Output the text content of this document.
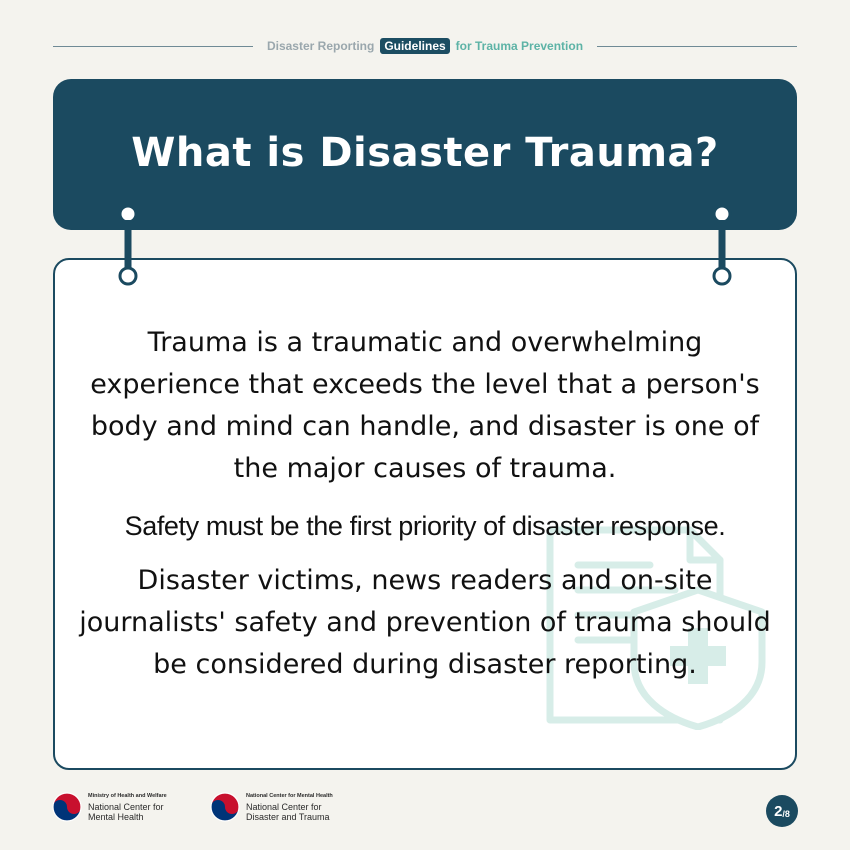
Disaster Reporting Guidelines for Trauma Prevention
What is Disaster Trauma?

Trauma is a traumatic and overwhelming
experience that exceeds the level that a person's
body and mind can handle, and disaster is one of
the major causes of trauma.

Safety must be the first priority of disaster response.

Disaster victims, news readers and on-site
journalists' safety and prevention of trauma should
be considered during disaster reporting.

Ministry of Health and Welfare
National Center for
Mental Health
National Center for Mental Health
National Center for
Disaster and Trauma	2 /8
